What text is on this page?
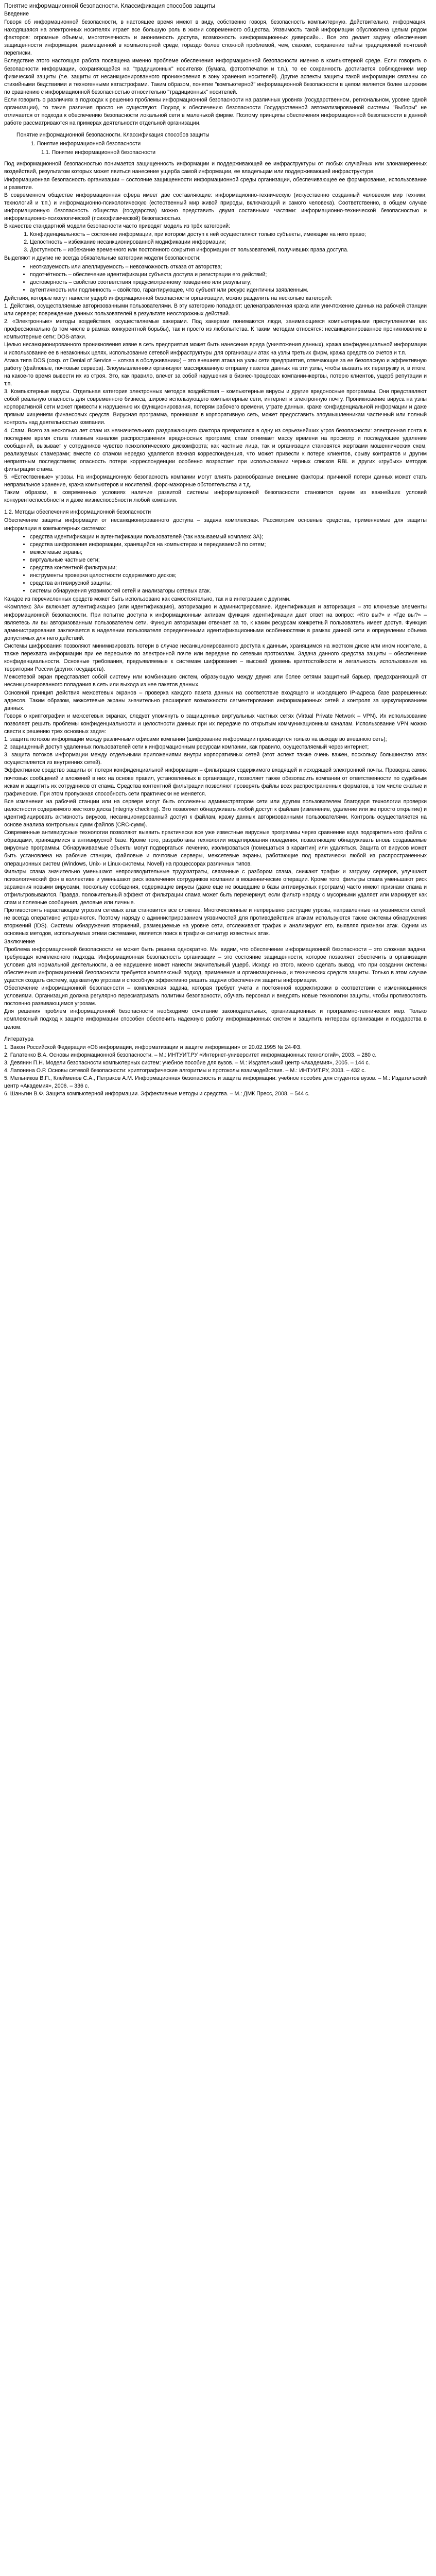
Понятие информационной безопасности. Классификация способов защиты
Введение

Говоря об информационной безопасности, в настоящее время имеют в виду, собственно говоря, безопасность компьютерную. Действительно, информация, находящаяся на электронных носителях играет все большую роль в жизни современного общества. Уязвимость такой информации обусловлена целым рядом факторов: огромные объемы, многоточечность и анонимность доступа, возможность «информационных диверсий»... Все это делает задачу обеспечения защищенности информации, размещенной в компьютерной среде, гораздо более сложной проблемой, чем, скажем, сохранение тайны традиционной почтовой переписки.

Вследствие этого настоящая работа посвящена именно проблеме обеспечения информационной безопасности именно в компьютерной среде. Если говорить о безопасности информации, сохраняющейся на "традиционных" носителях (бумага, фотоотпечатки и т.п.), то ее сохранность достигается соблюдением мер физической защиты (т.е. защиты от несанкционированного проникновения в зону хранения носителей). Другие аспекты защиты такой информации связаны со стихийными бедствиями и техногенными катастрофами. Таким образом, понятие "компьютерной" информационной безопасности в целом является более широким по сравнению с информационной безопасностью относительно "традиционных" носителей.

Если говорить о различиях в подходах к решению проблемы информационной безопасности на различных уровнях (государственном, региональном, уровне одной организации), то такие различия просто не существуют. Подход к обеспечению безопасности Государственной автоматизированной системы "Выборы" не отличается от подхода к обеспечению безопасности локальной сети в маленькой фирме. Поэтому принципы обеспечения информационной безопасности в данной работе рассматриваются на примерах деятельности отдельной организации.

Понятие информационной безопасности. Классификация способов защиты
1. Понятие информационной безопасности
1.1. Понятие информационной безопасности

Под информационной безопасностью понимается защищенность информации и поддерживающей ее инфраструктуры от любых случайных или злонамеренных воздействий, результатом которых может явиться нанесение ущерба самой информации, ее владельцам или поддерживающей инфраструктуре.

Информационная безопасность организации – состояние защищенности информационной среды организации, обеспечивающее ее формирование, использование и развитие.

В современном обществе информационная сфера имеет две составляющие: информационно-техническую (искусственно созданный человеком мир техники, технологий и т.п.) и информационно-психологическую (естественный мир живой природы, включающий и самого человека). Соответственно, в общем случае информационную безопасность общества (государства) можно представить двумя составными частями: информационно-технической безопасностью и информационно-психологической (психофизической) безопасностью.

В качестве стандартной модели безопасности часто приводят модель из трёх категорий:

1. Конфиденциальность – состояние информации, при котором доступ к ней осуществляют только субъекты, имеющие на него право;
2. Целостность – избежание несанкционированной модификации информации;
3. Доступность – избежание временного или постоянного сокрытия информации от пользователей, получивших права доступа.

Выделяют и другие не всегда обязательные категории модели безопасности:

• неотказуемость или апеллируемость – невозможность отказа от авторства;
• подотчётность – обеспечение идентификации субъекта доступа и регистрации его действий;
• достоверность – свойство соответствия предусмотренному поведению или результату;
• аутентичность или подлинность – свойство, гарантирующее, что субъект или ресурс идентичны заявленным.

Действия, которые могут нанести ущерб информационной безопасности организации, можно разделить на несколько категорий:

1. Действия, осуществляемые авторизованными пользователями. В эту категорию попадают: целенаправленная кража или уничтожение данных на рабочей станции или сервере; повреждение данных пользователей в результате неосторожных действий.

2. «Электронные» методы воздействия, осуществляемые хакерами. Под хакерами понимаются люди, занимающиеся компьютерными преступлениями как профессионально (в том числе в рамках конкурентной борьбы), так и просто из любопытства. К таким методам относятся: несанкционированное проникновение в компьютерные сети; DOS-атаки.

Целью несанкционированного проникновения извне в сеть предприятия может быть нанесение вреда (уничтожения данных), кража конфиденциальной информации и использование ее в незаконных целях, использование сетевой инфраструктуры для организации атак на узлы третьих фирм, кража средств со счетов и т.п.

Атака типа DOS (сокр. от Denial of Service – «отказ в обслуживании») – это внешняя атака на узлы сети предприятия, отвечающие за ее безопасную и эффективную работу (файловые, почтовые сервера). Злоумышленники организуют массированную отправку пакетов данных на эти узлы, чтобы вызвать их перегрузку и, в итоге, на какое-то время вывести их из строя. Это, как правило, влечет за собой нарушения в бизнес-процессах компании-жертвы, потерю клиентов, ущерб репутации и т.п.

3. Компьютерные вирусы. Отдельная категория электронных методов воздействия – компьютерные вирусы и другие вредоносные программы. Они представляют собой реальную опасность для современного бизнеса, широко использующего компьютерные сети, интернет и электронную почту. Проникновение вируса на узлы корпоративной сети может привести к нарушению их функционирования, потерям рабочего времени, утрате данных, краже конфиденциальной информации и даже прямым хищениям финансовых средств. Вирусная программа, проникшая в корпоративную сеть, может предоставить злоумышленникам частичный или полный контроль над деятельностью компании.

4. Спам. Всего за несколько лет спам из незначительного раздражающего фактора превратился в одну из серьезнейших угроз безопасности: электронная почта в последнее время стала главным каналом распространения вредоносных программ; спам отнимает массу времени на просмотр и последующее удаление сообщений, вызывает у сотрудников чувство психологического дискомфорта; как частные лица, так и организации становятся жертвами мошеннических схем, реализуемых спамерами; вместе со спамом нередко удаляется важная корреспонденция, что может привести к потере клиентов, срыву контрактов и другим неприятным последствиям; опасность потери корреспонденции особенно возрастает при использовании черных списков RBL и других «грубых» методов фильтрации спама.

5. «Естественные» угрозы. На информационную безопасность компании могут влиять разнообразные внешние факторы: причиной потери данных может стать неправильное хранение, кража компьютеров и носителей, форс-мажорные обстоятельства и т.д.

Таким образом, в современных условиях наличие развитой системы информационной безопасности становится одним из важнейших условий конкурентоспособности и даже жизнеспособности любой компании.

1.2. Методы обеспечения информационной безопасности

Обеспечение защиты информации от несанкционированного доступа – задача комплексная. Рассмотрим основные средства, применяемые для защиты информации в компьютерных системах:

• средства идентификации и аутентификации пользователей (так называемый комплекс 3А);
• средства шифрования информации, хранящейся на компьютерах и передаваемой по сетям;
• межсетевые экраны;
• виртуальные частные сети;
• средства контентной фильтрации;
• инструменты проверки целостности содержимого дисков;
• средства антивирусной защиты;
• системы обнаружения уязвимостей сетей и анализаторы сетевых атак.

Каждое из перечисленных средств может быть использовано как самостоятельно, так и в интеграции с другими.

«Комплекс 3А» включает аутентификацию (или идентификацию), авторизацию и администрирование. Идентификация и авторизация – это ключевые элементы информационной безопасности. При попытке доступа к информационным активам функция идентификации дает ответ на вопрос: «Кто вы?» и «Где вы?» – являетесь ли вы авторизованным пользователем сети. Функция авторизации отвечает за то, к каким ресурсам конкретный пользователь имеет доступ. Функция администрирования заключается в наделении пользователя определенными идентификационными особенностями в рамках данной сети и определении объема допустимых для него действий.

Системы шифрования позволяют минимизировать потери в случае несанкционированного доступа к данным, хранящимся на жестком диске или ином носителе, а также перехвата информации при ее пересылке по электронной почте или передаче по сетевым протоколам. Задача данного средства защиты – обеспечение конфиденциальности. Основные требования, предъявляемые к системам шифрования – высокий уровень криптостойкости и легальность использования на территории России (других государств).

Межсетевой экран представляет собой систему или комбинацию систем, образующую между двумя или более сетями защитный барьер, предохраняющий от несанкционированного попадания в сеть или выхода из нее пакетов данных.

Основной принцип действия межсетевых экранов – проверка каждого пакета данных на соответствие входящего и исходящего IP-адреса базе разрешенных адресов. Таким образом, межсетевые экраны значительно расширяют возможности сегментирования информационных сетей и контроля за циркулированием данных.

Говоря о криптографии и межсетевых экранах, следует упомянуть о защищенных виртуальных частных сетях (Virtual Private Network – VPN). Их использование позволяет решить проблемы конфиденциальности и целостности данных при их передаче по открытым коммуникационным каналам. Использование VPN можно свести к решению трех основных задач:

1. защита потоков информации между различными офисами компании (шифрование информации производится только на выходе во внешнюю сеть);

2. защищенный доступ удаленных пользователей сети к информационным ресурсам компании, как правило, осуществляемый через интернет;

3. защита потоков информации между отдельными приложениями внутри корпоративных сетей (этот аспект также очень важен, поскольку большинство атак осуществляется из внутренних сетей).

Эффективное средство защиты от потери конфиденциальной информации – фильтрация содержимого входящей и исходящей электронной почты. Проверка самих почтовых сообщений и вложений в них на основе правил, установленных в организации, позволяет также обезопасить компании от ответственности по судебным искам и защитить их сотрудников от спама. Средства контентной фильтрации позволяют проверять файлы всех распространенных форматов, в том числе сжатые и графические. При этом пропускная способность сети практически не меняется.

Все изменения на рабочей станции или на сервере могут быть отслежены администратором сети или другим пользователем благодаря технологии проверки целостности содержимого жесткого диска (integrity checking). Это позволяет обнаруживать любой доступ к файлам (изменение, удаление или же просто открытие) и идентифицировать активность вирусов, несанкционированный доступ к файлам, кражу данных авторизованными пользователями. Контроль осуществляется на основе анализа контрольных сумм файлов (CRC-сумм).

Современные антивирусные технологии позволяют выявить практически все уже известные вирусные программы через сравнение кода подозрительного файла с образцами, хранящимися в антивирусной базе. Кроме того, разработаны технологии моделирования поведения, позволяющие обнаруживать вновь создаваемые вирусные программы. Обнаруживаемые объекты могут подвергаться лечению, изолироваться (помещаться в карантин) или удаляться. Защита от вирусов может быть установлена на рабочие станции, файловые и почтовые серверы, межсетевые экраны, работающие под практически любой из распространенных операционных систем (Windows, Unix- и Linux-системы, Novell) на процессорах различных типов.

Фильтры спама значительно уменьшают непроизводительные трудозатраты, связанные с разбором спама, снижают трафик и загрузку серверов, улучшают психологический фон в коллективе и уменьшают риск вовлечения сотрудников компании в мошеннические операции. Кроме того, фильтры спама уменьшают риск заражения новыми вирусами, поскольку сообщения, содержащие вирусы (даже еще не вошедшие в базы антивирусных программ) часто имеют признаки спама и отфильтровываются. Правда, положительный эффект от фильтрации спама может быть перечеркнут, если фильтр наряду с мусорными удаляет или маркирует как спам и полезные сообщения, деловые или личные.

Противостоять нарастающим угрозам сетевых атак становится все сложнее. Многочисленные и непрерывно растущие угрозы, направленные на уязвимости сетей, не всегда оперативно устраняются. Поэтому наряду с администрированием уязвимостей для противодействия атакам используются также системы обнаружения вторжений (IDS). Системы обнаружения вторжений, размещаемые на уровне сети, отслеживают трафик и анализируют его, выявляя признаки атак. Одним из основных методов, используемых этими системами, является поиск в трафике сигнатур известных атак.

Заключение

Проблема информационной безопасности не может быть решена однократно. Мы видим, что обеспечение информационной безопасности – это сложная задача, требующая комплексного подхода. Информационная безопасность организации – это состояние защищенности, которое позволяет обеспечить в организации условия для нормальной деятельности, а ее нарушение может нанести значительный ущерб. Исходя из этого, можно сделать вывод, что при создании системы обеспечения информационной безопасности требуется комплексный подход, применение и организационных, и технических средств защиты. Только в этом случае удастся создать систему, адекватную угрозам и способную эффективно решать задачи обеспечения защиты информации.

Обеспечение информационной безопасности – комплексная задача, которая требует учета и постоянной корректировки в соответствии с изменяющимися условиями. Организация должна регулярно пересматривать политики безопасности, обучать персонал и внедрять новые технологии защиты, чтобы противостоять постоянно развивающимся угрозам.

Для решения проблем информационной безопасности необходимо сочетание законодательных, организационных и программно-технических мер. Только комплексный подход к защите информации способен обеспечить надежную работу информационных систем и защитить интересы организации и государства в целом.

Литература

1. Закон Российской Федерации «Об информации, информатизации и защите информации» от 20.02.1995 № 24-ФЗ.

2. Галатенко В.А. Основы информационной безопасности. – М.: ИНТУИТ.РУ «Интернет-университет информационных технологий», 2003. – 280 с.

3. Девянин П.Н. Модели безопасности компьютерных систем: учебное пособие для вузов. – М.: Издательский центр «Академия», 2005. – 144 с.

4. Лапонина О.Р. Основы сетевой безопасности: криптографические алгоритмы и протоколы взаимодействия. – М.: ИНТУИТ.РУ, 2003. – 432 с.

5. Мельников В.П., Клейменов С.А., Петраков А.М. Информационная безопасность и защита информации: учебное пособие для студентов вузов. – М.: Издательский центр «Академия», 2006. – 336 с.

6. Шаньгин В.Ф. Защита компьютерной информации. Эффективные методы и средства. – М.: ДМК Пресс, 2008. – 544 с.
